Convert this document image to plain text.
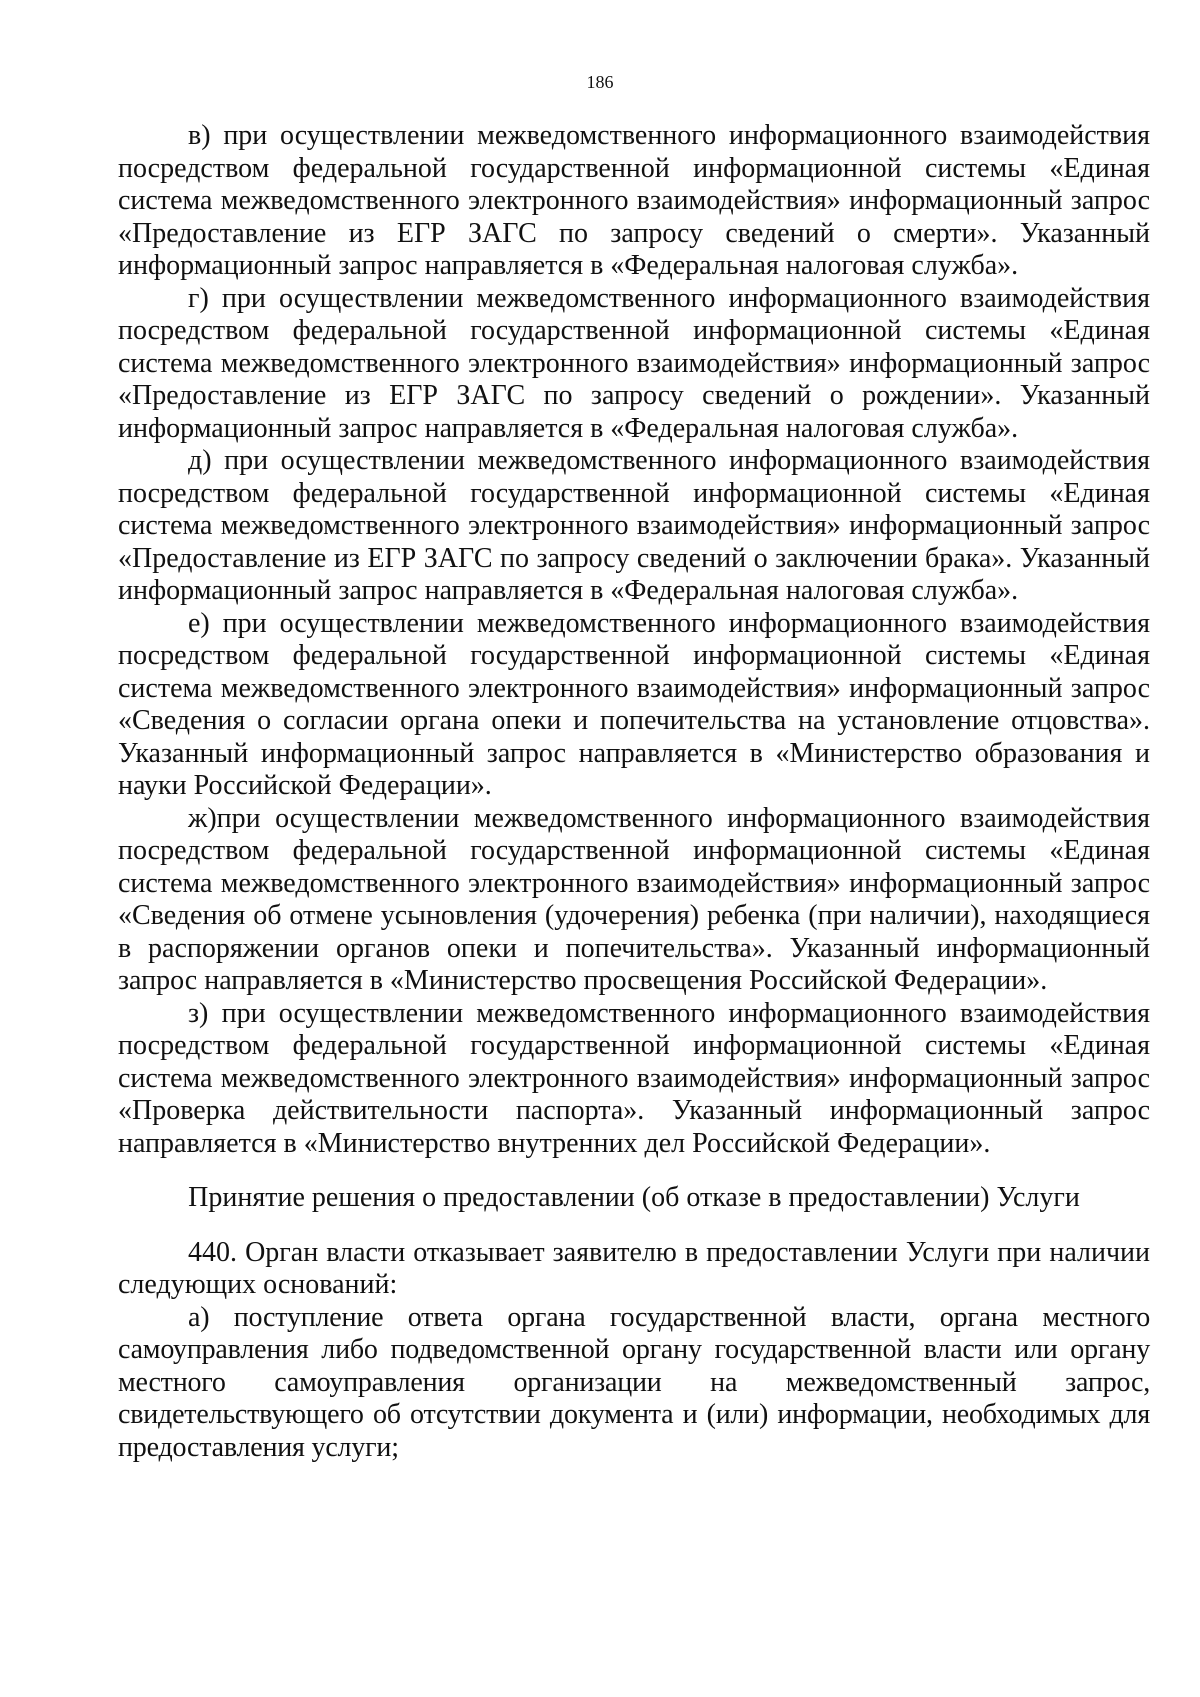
186

в) при осуществлении межведомственного информационного взаимодействия посредством федеральной государственной информационной системы «Единая система межведомственного электронного взаимодействия» информационный запрос «Предоставление из ЕГР ЗАГС по запросу сведений о смерти». Указанный информационный запрос направляется в «Федеральная налоговая служба».

г) при осуществлении межведомственного информационного взаимодействия посредством федеральной государственной информационной системы «Единая система межведомственного электронного взаимодействия» информационный запрос «Предоставление из ЕГР ЗАГС по запросу сведений о рождении». Указанный информационный запрос направляется в «Федеральная налоговая служба».

д) при осуществлении межведомственного информационного взаимодействия посредством федеральной государственной информационной системы «Единая система межведомственного электронного взаимодействия» информационный запрос «Предоставление из ЕГР ЗАГС по запросу сведений о заключении брака». Указанный информационный запрос направляется в «Федеральная налоговая служба».

е) при осуществлении межведомственного информационного взаимодействия посредством федеральной государственной информационной системы «Единая система межведомственного электронного взаимодействия» информационный запрос «Сведения о согласии органа опеки и попечительства на установление отцовства». Указанный информационный запрос направляется в «Министерство образования и науки Российской Федерации».

ж)при осуществлении межведомственного информационного взаимодействия посредством федеральной государственной информационной системы «Единая система межведомственного электронного взаимодействия» информационный запрос «Сведения об отмене усыновления (удочерения) ребенка (при наличии), находящиеся в распоряжении органов опеки и попечительства». Указанный информационный запрос направляется в «Министерство просвещения Российской Федерации».

з) при осуществлении межведомственного информационного взаимодействия посредством федеральной государственной информационной системы «Единая система межведомственного электронного взаимодействия» информационный запрос «Проверка действительности паспорта». Указанный информационный запрос направляется в «Министерство внутренних дел Российской Федерации».

Принятие решения о предоставлении (об отказе в предоставлении) Услуги

440. Орган власти отказывает заявителю в предоставлении Услуги при наличии следующих оснований:

а) поступление ответа органа государственной власти, органа местного самоуправления либо подведомственной органу государственной власти или органу местного самоуправления организации на межведомственный запрос, свидетельствующего об отсутствии документа и (или) информации, необходимых для предоставления услуги;
